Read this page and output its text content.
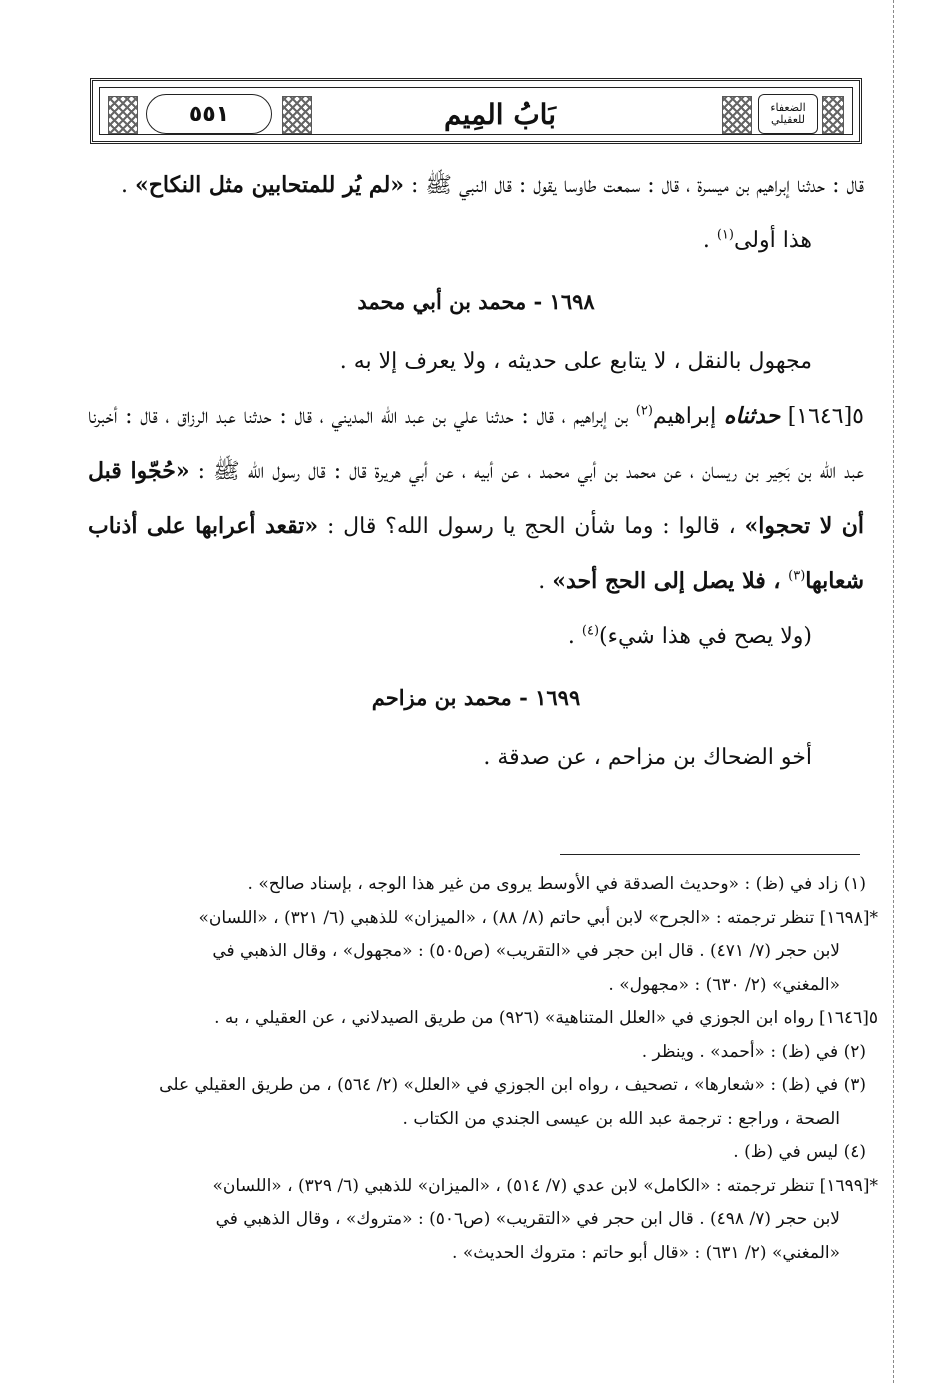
٥٥١	بَابُ المِيم	ا​لضعفاء
للعقيلي

قال : حدثنا إبراهيم بن ميسرة ، قال : سمعت طاوسا يقول : قال النبي ﷺ : «لم يُر للمتحابين مثل النكاح» .

هذا أولى$^{(١)}$ .

١٦٩٨ - محمد بن أبي محمد

مجهول بالنقل ، لا يتابع على حديثه ، ولا يعرف إلا به .

٥[١٦٤٦] حدثناه إبراهيم$^{(٢)}$ بن إبراهيم ، قال : حدثنا علي بن عبد الله المديني ، قال : حدثنا عبد الرزاق ، قال : أخبرنا عبد الله بن بَحِير بن ريسان ، عن محمد بن أبي محمد ، عن أبيه ، عن أبي هريرة قال : قال رسول الله ﷺ : «حُجّوا قبل أن لا تحجوا» ، قالوا : وما شأن الحج يا رسول الله؟ قال : «تقعد أعرابها على أذناب شعابها$^{(٣)}$ ، فلا يصل إلى الحج أحد» .

(ولا يصح في هذا شيء)$^{(٤)}$ .

١٦٩٩ - محمد بن مزاحم

أخو الضحاك بن مزاحم ، عن صدقة .

(١) زاد في (ظ) : «وحديث الصدقة في الأوسط يروى من غير هذا الوجه ، بإسناد صالح» .

*[١٦٩٨] تنظر ترجمته : «الجرح» لابن أبي حاتم (٨/ ٨٨) ، «الميزان» للذهبي (٦/ ٣٢١) ، «اللسان»

لابن حجر (٧/ ٤٧١) . قال ابن حجر في «التقريب» (ص٥٠٥) : «مجهول» ، وقال الذهبي في

«المغني» (٢/ ٦٣٠) : «مجهول» .

٥[١٦٤٦] رواه ابن الجوزي في «العلل المتناهية» (٩٢٦) من طريق الصيدلاني ، عن العقيلي ، به .

(٢) في (ظ) : «أحمد» . وينظر .

(٣) في (ظ) : «شعارها» ، تصحيف ، رواه ابن الجوزي في «العلل» (٢/ ٥٦٤) ، من طريق العقيلي على

الصحة ، وراجع : ترجمة عبد الله بن عيسى الجندي من الكتاب .

(٤) ليس في (ظ) .

*[١٦٩٩] تنظر ترجمته : «الكامل» لابن عدي (٧/ ٥١٤) ، «الميزان» للذهبي (٦/ ٣٢٩) ، «اللسان»

لابن حجر (٧/ ٤٩٨) . قال ابن حجر في «التقريب» (ص٥٠٦) : «متروك» ، وقال الذهبي في

«المغني» (٢/ ٦٣١) : «قال أبو حاتم : متروك الحديث» .
